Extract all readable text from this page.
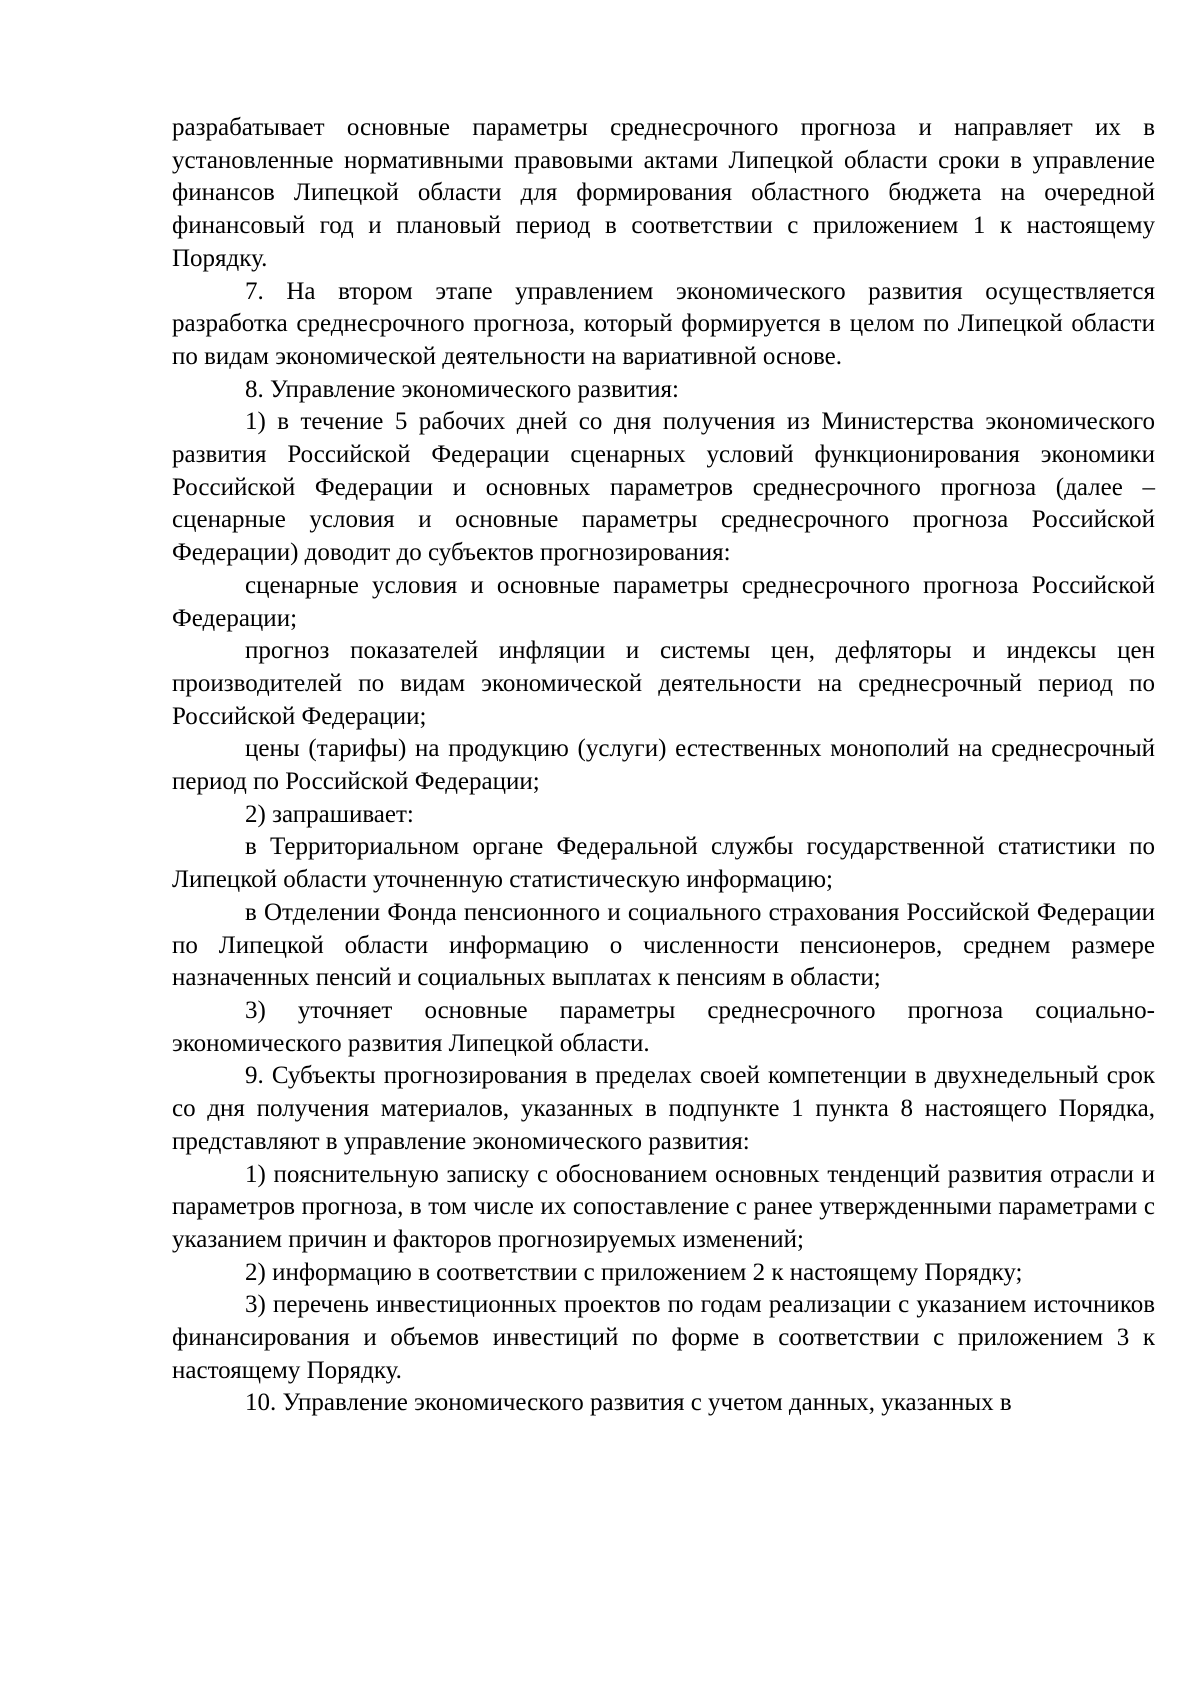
разрабатывает основные параметры среднесрочного прогноза и направляет их в установленные нормативными правовыми актами Липецкой области сроки в управление финансов Липецкой области для формирования областного бюджета на очередной финансовый год и плановый период в соответствии с приложением 1 к настоящему Порядку.

7. На втором этапе управлением экономического развития осуществляется разработка среднесрочного прогноза, который формируется в целом по Липецкой области по видам экономической деятельности на вариативной основе.

8. Управление экономического развития:

1) в течение 5 рабочих дней со дня получения из Министерства экономического развития Российской Федерации сценарных условий функционирования экономики Российской Федерации и основных параметров среднесрочного прогноза (далее – сценарные условия и основные параметры среднесрочного прогноза Российской Федерации) доводит до субъектов прогнозирования:

сценарные условия и основные параметры среднесрочного прогноза Российской Федерации;

прогноз показателей инфляции и системы цен, дефляторы и индексы цен производителей по видам экономической деятельности на среднесрочный период по Российской Федерации;

цены (тарифы) на продукцию (услуги) естественных монополий на среднесрочный период по Российской Федерации;

2) запрашивает:

в Территориальном органе Федеральной службы государственной статистики по Липецкой области уточненную статистическую информацию;

в Отделении Фонда пенсионного и социального страхования Российской Федерации по Липецкой области информацию о численности пенсионеров, среднем размере назначенных пенсий и социальных выплатах к пенсиям в области;

3) уточняет основные параметры среднесрочного прогноза социально-экономического развития Липецкой области.

9. Субъекты прогнозирования в пределах своей компетенции в двухнедельный срок со дня получения материалов, указанных в подпункте 1 пункта 8 настоящего Порядка, представляют в управление экономического развития:

1) пояснительную записку с обоснованием основных тенденций развития отрасли и параметров прогноза, в том числе их сопоставление с ранее утвержденными параметрами с указанием причин и факторов прогнозируемых изменений;

2) информацию в соответствии с приложением 2 к настоящему Порядку;

3) перечень инвестиционных проектов по годам реализации с указанием источников финансирования и объемов инвестиций по форме в соответствии с приложением 3 к настоящему Порядку.

10. Управление экономического развития с учетом данных, указанных в
